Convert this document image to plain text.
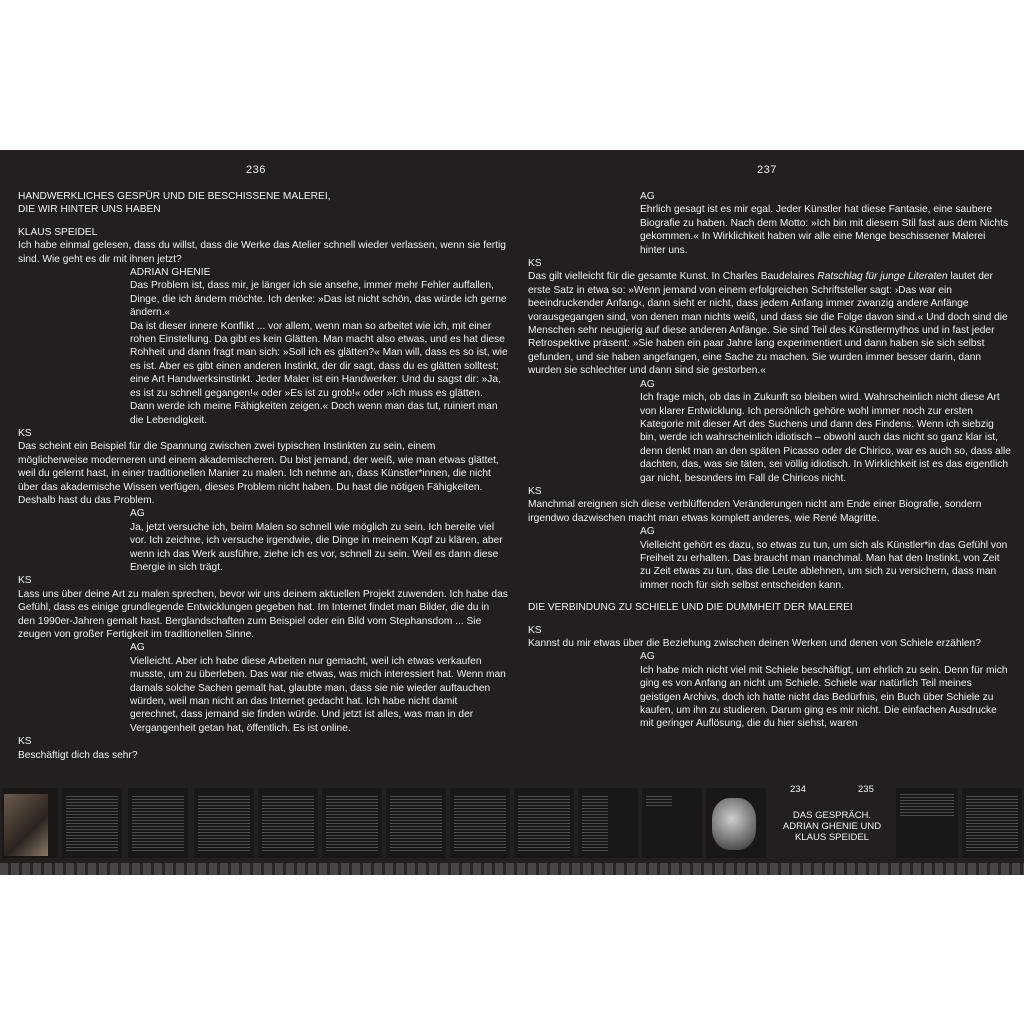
236

HANDWERKLICHES GESPÜR UND DIE BESCHISSENE MALEREI,

DIE WIR HINTER UNS HABEN

KLAUS SPEIDEL

Ich habe einmal gelesen, dass du willst, dass die Werke das Atelier schnell wieder verlassen, wenn sie fertig sind. Wie geht es dir mit ihnen jetzt?

ADRIAN GHENIE

Das Problem ist, dass mir, je länger ich sie ansehe, immer mehr Fehler auffallen, Dinge, die ich ändern möchte. Ich denke: »Das ist nicht schön, das würde ich gerne ändern.«

Da ist dieser innere Konflikt ... vor allem, wenn man so arbeitet wie ich, mit einer rohen Einstellung. Da gibt es kein Glätten. Man macht also etwas, und es hat diese Rohheit und dann fragt man sich: »Soll ich es glätten?« Man will, dass es so ist, wie es ist. Aber es gibt einen anderen Instinkt, der dir sagt, dass du es glätten solltest; eine Art Handwerksinstinkt. Jeder Maler ist ein Handwerker. Und du sagst dir: »Ja, es ist zu schnell gegangen!« oder »Es ist zu grob!« oder »Ich muss es glätten. Dann werde ich meine Fähigkeiten zeigen.« Doch wenn man das tut, ruiniert man die Lebendigkeit.

KS

Das scheint ein Beispiel für die Spannung zwischen zwei typischen Instinkten zu sein, einem möglicherweise moderneren und einem akademischeren. Du bist jemand, der weiß, wie man etwas glättet, weil du gelernt hast, in einer traditionellen Manier zu malen. Ich nehme an, dass Künstler*innen, die nicht über das akademische Wissen verfügen, dieses Problem nicht haben. Du hast die nötigen Fähigkeiten. Deshalb hast du das Problem.

AG

Ja, jetzt versuche ich, beim Malen so schnell wie möglich zu sein. Ich bereite viel vor. Ich zeichne, ich versuche irgendwie, die Dinge in meinem Kopf zu klären, aber wenn ich das Werk ausführe, ziehe ich es vor, schnell zu sein. Weil es dann diese Energie in sich trägt.

KS

Lass uns über deine Art zu malen sprechen, bevor wir uns deinem aktuellen Projekt zuwenden. Ich habe das Gefühl, dass es einige grundlegende Entwicklungen gegeben hat. Im Internet findet man Bilder, die du in den 1990er-Jahren gemalt hast. Berglandschaften zum Beispiel oder ein Bild vom Stephansdom ... Sie zeugen von großer Fertigkeit im traditionellen Sinne.

AG

Vielleicht. Aber ich habe diese Arbeiten nur gemacht, weil ich etwas verkaufen musste, um zu überleben. Das war nie etwas, was mich interessiert hat. Wenn man damals solche Sachen gemalt hat, glaubte man, dass sie nie wieder auftauchen würden, weil man nicht an das Internet gedacht hat. Ich habe nicht damit gerechnet, dass jemand sie finden würde. Und jetzt ist alles, was man in der Vergangenheit getan hat, öffentlich. Es ist online.

KS

Beschäftigt dich das sehr?

237

AG

Ehrlich gesagt ist es mir egal. Jeder Künstler hat diese Fantasie, eine saubere Biografie zu haben. Nach dem Motto: »Ich bin mit diesem Stil fast aus dem Nichts gekommen.« In Wirklichkeit haben wir alle eine Menge beschissener Malerei hinter uns.

KS

Das gilt vielleicht für die gesamte Kunst. In Charles Baudelaires Ratschlag für junge Literaten lautet der erste Satz in etwa so: »Wenn jemand von einem erfolgreichen Schriftsteller sagt: ›Das war ein beeindruckender Anfang‹, dann sieht er nicht, dass jedem Anfang immer zwanzig andere Anfänge vorausgegangen sind, von denen man nichts weiß, und dass sie die Folge davon sind.« Und doch sind die Menschen sehr neugierig auf diese anderen Anfänge. Sie sind Teil des Künstlermythos und in fast jeder Retrospektive präsent: »Sie haben ein paar Jahre lang experimentiert und dann haben sie sich selbst gefunden, und sie haben angefangen, eine Sache zu machen. Sie wurden immer besser darin, dann wurden sie schlechter und dann sind sie gestorben.«

AG

Ich frage mich, ob das in Zukunft so bleiben wird. Wahrscheinlich nicht diese Art von klarer Entwicklung. Ich persönlich gehöre wohl immer noch zur ersten Kategorie mit dieser Art des Suchens und dann des Findens. Wenn ich siebzig bin, werde ich wahrscheinlich idiotisch – obwohl auch das nicht so ganz klar ist, denn denkt man an den späten Picasso oder de Chirico, war es auch so, dass alle dachten, das, was sie täten, sei völlig idiotisch. In Wirklichkeit ist es das eigentlich gar nicht, besonders im Fall de Chiricos nicht.

KS

Manchmal ereignen sich diese verblüffenden Veränderungen nicht am Ende einer Biografie, sondern irgendwo dazwischen macht man etwas komplett anderes, wie René Magritte.

AG

Vielleicht gehört es dazu, so etwas zu tun, um sich als Künstler*in das Gefühl von Freiheit zu erhalten. Das braucht man manchmal. Man hat den Instinkt, von Zeit zu Zeit etwas zu tun, das die Leute ablehnen, um sich zu versichern, dass man immer noch für sich selbst entscheiden kann.

DIE VERBINDUNG ZU SCHIELE UND DIE DUMMHEIT DER MALEREI

KS

Kannst du mir etwas über die Beziehung zwischen deinen Werken und denen von Schiele erzählen?

AG

Ich habe mich nicht viel mit Schiele beschäftigt, um ehrlich zu sein. Denn für mich ging es von Anfang an nicht um Schiele. Schiele war natürlich Teil meines geistigen Archivs, doch ich hatte nicht das Bedürfnis, ein Buch über Schiele zu kaufen, um ihn zu studieren. Darum ging es mir nicht. Die einfachen Ausdrucke mit geringer Auflösung, die du hier siehst, waren

234	235
DAS GESPRÄCH.
ADRIAN GHENIE UND
KLAUS SPEIDEL
